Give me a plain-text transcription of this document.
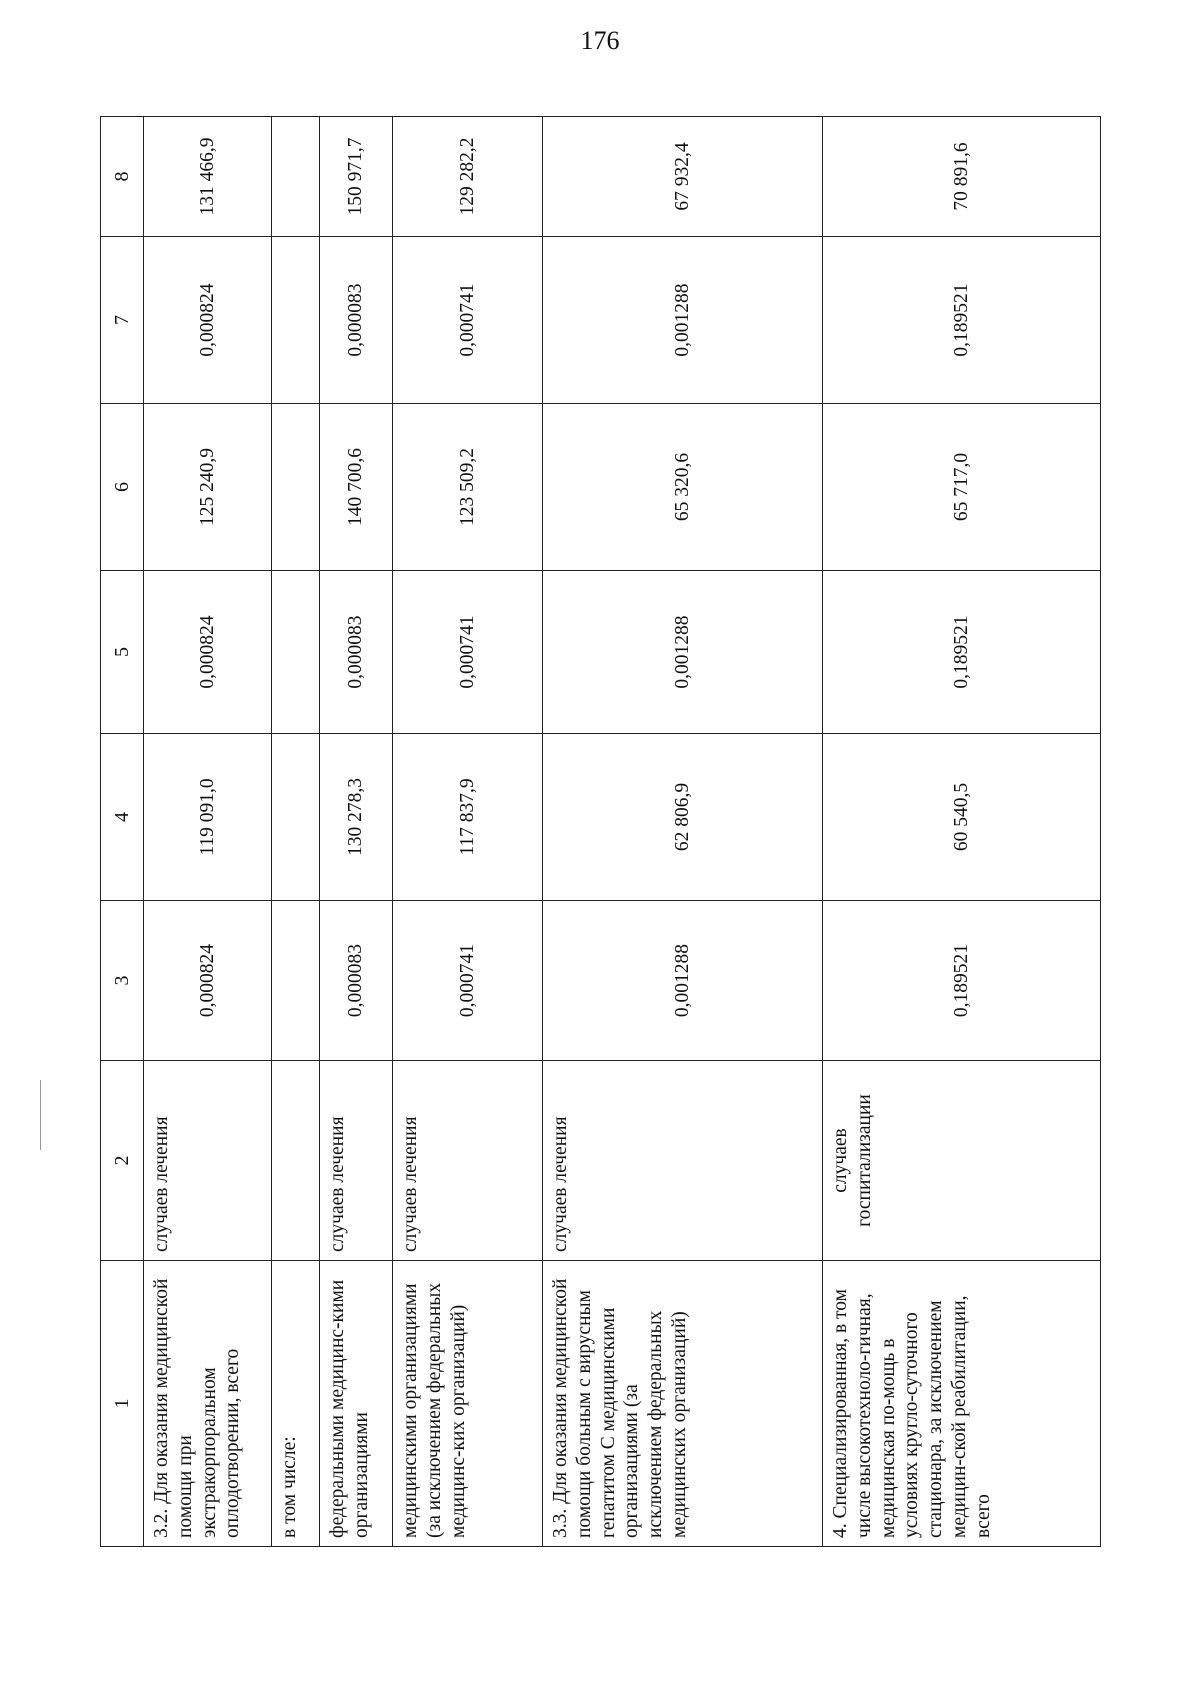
176
1	2	3	4	5	6	7	8
3.2. Для оказания медицинской помощи при экстракорпоральном оплодотворении, всего	случаев лечения	0,000824	119 091,0	0,000824	125 240,9	0,000824	131 466,9
в том числе:							
федеральными медицинс-кими организациями	случаев лечения	0,000083	130 278,3	0,000083	140 700,6	0,000083	150 971,7
медицинскими организациями (за исключением федеральных медицинс-ких организаций)	случаев лечения	0,000741	117 837,9	0,000741	123 509,2	0,000741	129 282,2
3.3. Для оказания медицинской помощи больным с вирусным гепатитом С медицинскими организациями (за исключением федеральных медицинских организаций)	случаев лечения	0,001288	62 806,9	0,001288	65 320,6	0,001288	67 932,4
4. Специализированная, в том числе высокотехноло-гичная, медицинская по-мощь в условиях кругло-суточного стационара, за исключением медицин-ской реабилитации, всего	случаев госпитализации	0,189521	60 540,5	0,189521	65 717,0	0,189521	70 891,6
